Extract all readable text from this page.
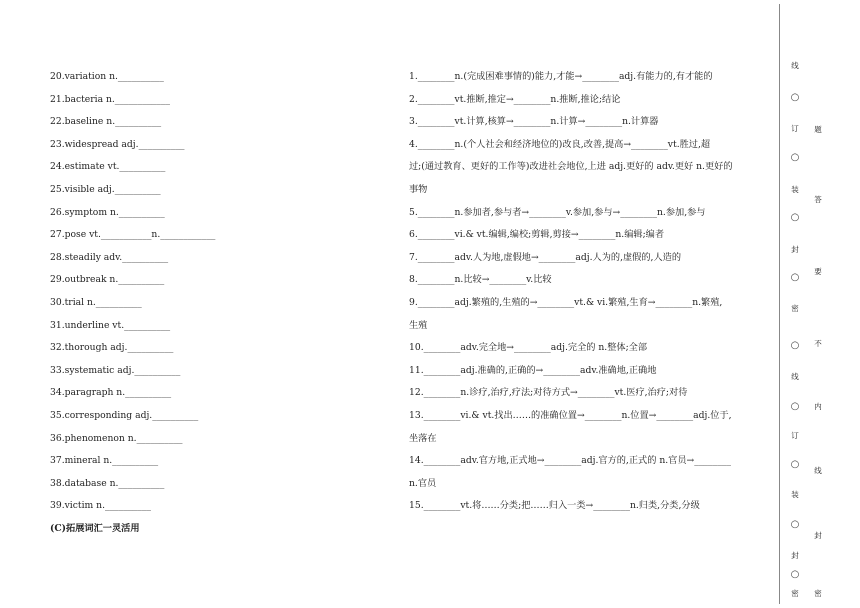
20.variation n.__________
21.bacteria n.____________
22.baseline n.__________
23.widespread adj.__________
24.estimate vt.__________
25.visible adj.__________
26.symptom n.__________
27.pose vt.___________n.____________
28.steadily adv.__________
29.outbreak n.__________
30.trial n.__________
31.underline vt.__________
32.thorough adj.__________
33.systematic adj.__________
34.paragraph n.__________
35.corresponding adj.__________
36.phenomenon n.__________
37.mineral n.__________
38.database n.__________
39.victim n.__________
(C)拓展词汇一灵活用
1.________n.(完成困难事情的)能力,才能→________adj.有能力的,有才能的
2.________vt.推断,推定→________n.推断,推论;结论
3.________vt.计算,核算→________n.计算→________n.计算器
4.________n.(个人社会和经济地位的)改良,改善,提高→________vt.胜过,超
过;(通过教育、更好的工作等)改进社会地位,上进 adj.更好的 adv.更好 n.更好的
事物
5.________n.参加者,参与者→________v.参加,参与→________n.参加,参与
6.________vi.& vt.编辑,编校;剪辑,剪接→________n.编辑;编者
7.________adv.人为地,虚假地→________adj.人为的,虚假的,人造的
8.________n.比较→________v.比较
9.________adj.繁殖的,生殖的→________vt.& vi.繁殖,生育→________n.繁殖,
生殖
10.________adv.完全地→________adj.完全的 n.整体;全部
11.________adj.准确的,正确的→________adv.准确地,正确地
12.________n.诊疗,治疗,疗法;对待方式→________vt.医疗,治疗;对待
13.________vi.& vt.找出……的准确位置→________n.位置→________adj.位于,
坐落在
14.________adv.官方地,正式地→________adj.官方的,正式的 n.官员→________
n.官员
15.________vt.将……分类;把……归入一类→________n.归类,分类,分级
线
○
订
○
装
○
封
○
密
○
线
○
订
○
装
○
封
○
密
题
答
要
不
内
线
封
密
